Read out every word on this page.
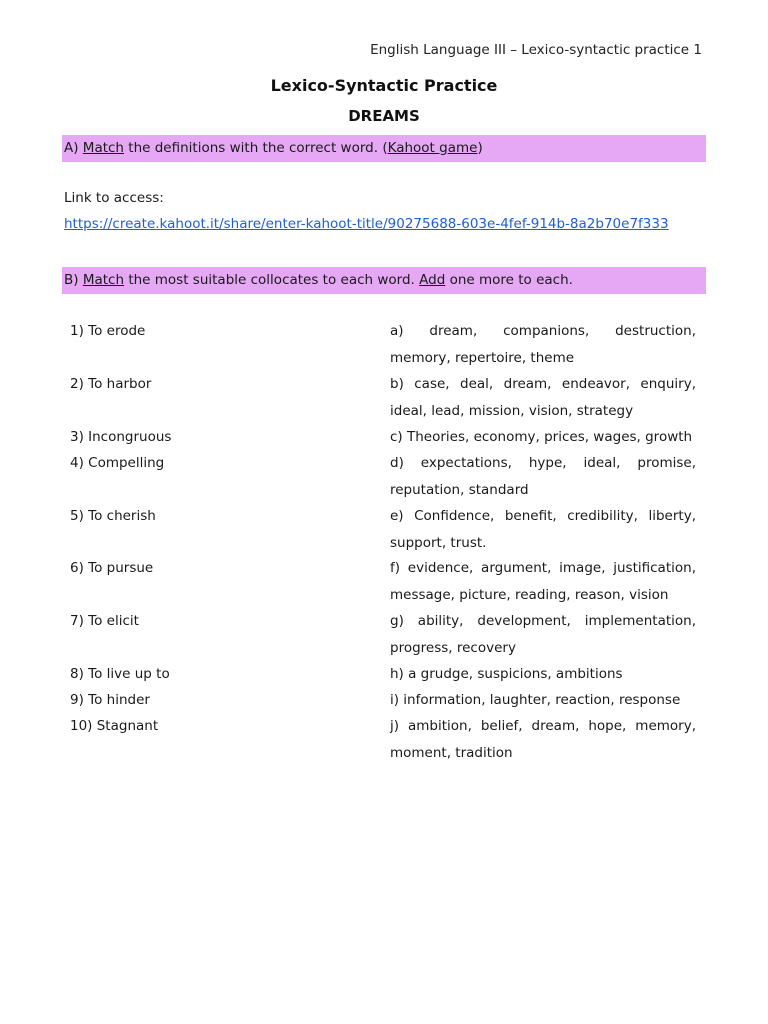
English Language III – Lexico-syntactic practice 1
Lexico-Syntactic Practice
DREAMS
A) Match the definitions with the correct word. (Kahoot game)
Link to access:
https://create.kahoot.it/share/enter-kahoot-title/90275688-603e-4fef-914b-8a2b70e7f333
B) Match the most suitable collocates to each word. Add one more to each.
1) To erode	a) dream, companions, destruction, memory, repertoire, theme
2) To harbor	b) case, deal, dream, endeavor, enquiry, ideal, lead, mission, vision, strategy
3) Incongruous	c) Theories, economy, prices, wages, growth
4) Compelling	d) expectations, hype, ideal, promise, reputation, standard
5) To cherish	e) Confidence, benefit, credibility, liberty, support, trust.
6) To pursue	f) evidence, argument, image, justification, message, picture, reading, reason, vision
7) To elicit	g) ability, development, implementation, progress, recovery
8) To live up to	h) a grudge, suspicions, ambitions
9) To hinder	i) information, laughter, reaction, response
10) Stagnant	j) ambition, belief, dream, hope, memory, moment, tradition
